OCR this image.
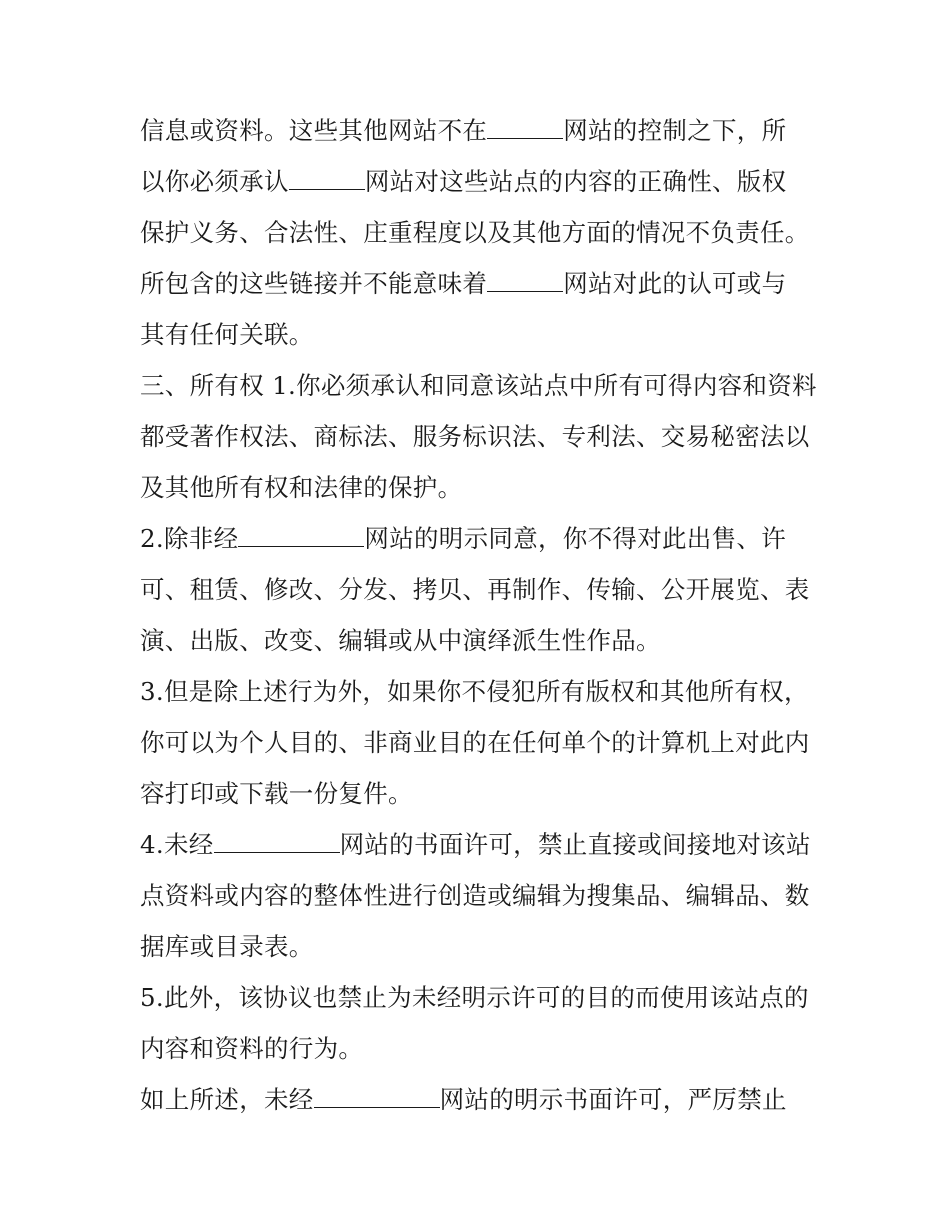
信息或资料。这些其他网站不在	网站的控制之下，所
以你必须承认	网站对这些站点的内容的正确性、版权
保护义务、合法性、庄重程度以及其他方面的情况不负责任。
所包含的这些链接并不能意味着	网站对此的认可或与
其有任何关联。
三、所有权 1.你必须承认和同意该站点中所有可得内容和资料
都受著作权法、商标法、服务标识法、专利法、交易秘密法以
及其他所有权和法律的保护。
2.除非经	网站的明示同意，你不得对此出售、许
可、租赁、修改、分发、拷贝、再制作、传输、公开展览、表
演、出版、改变、编辑或从中演绎派生性作品。
3.但是除上述行为外，如果你不侵犯所有版权和其他所有权，
你可以为个人目的、非商业目的在任何单个的计算机上对此内
容打印或下载一份复件。
4.未经	网站的书面许可，禁止直接或间接地对该站
点资料或内容的整体性进行创造或编辑为搜集品、编辑品、数
据库或目录表。
5.此外，该协议也禁止为未经明示许可的目的而使用该站点的
内容和资料的行为。
如上所述，未经	网站的明示书面许可，严厉禁止
